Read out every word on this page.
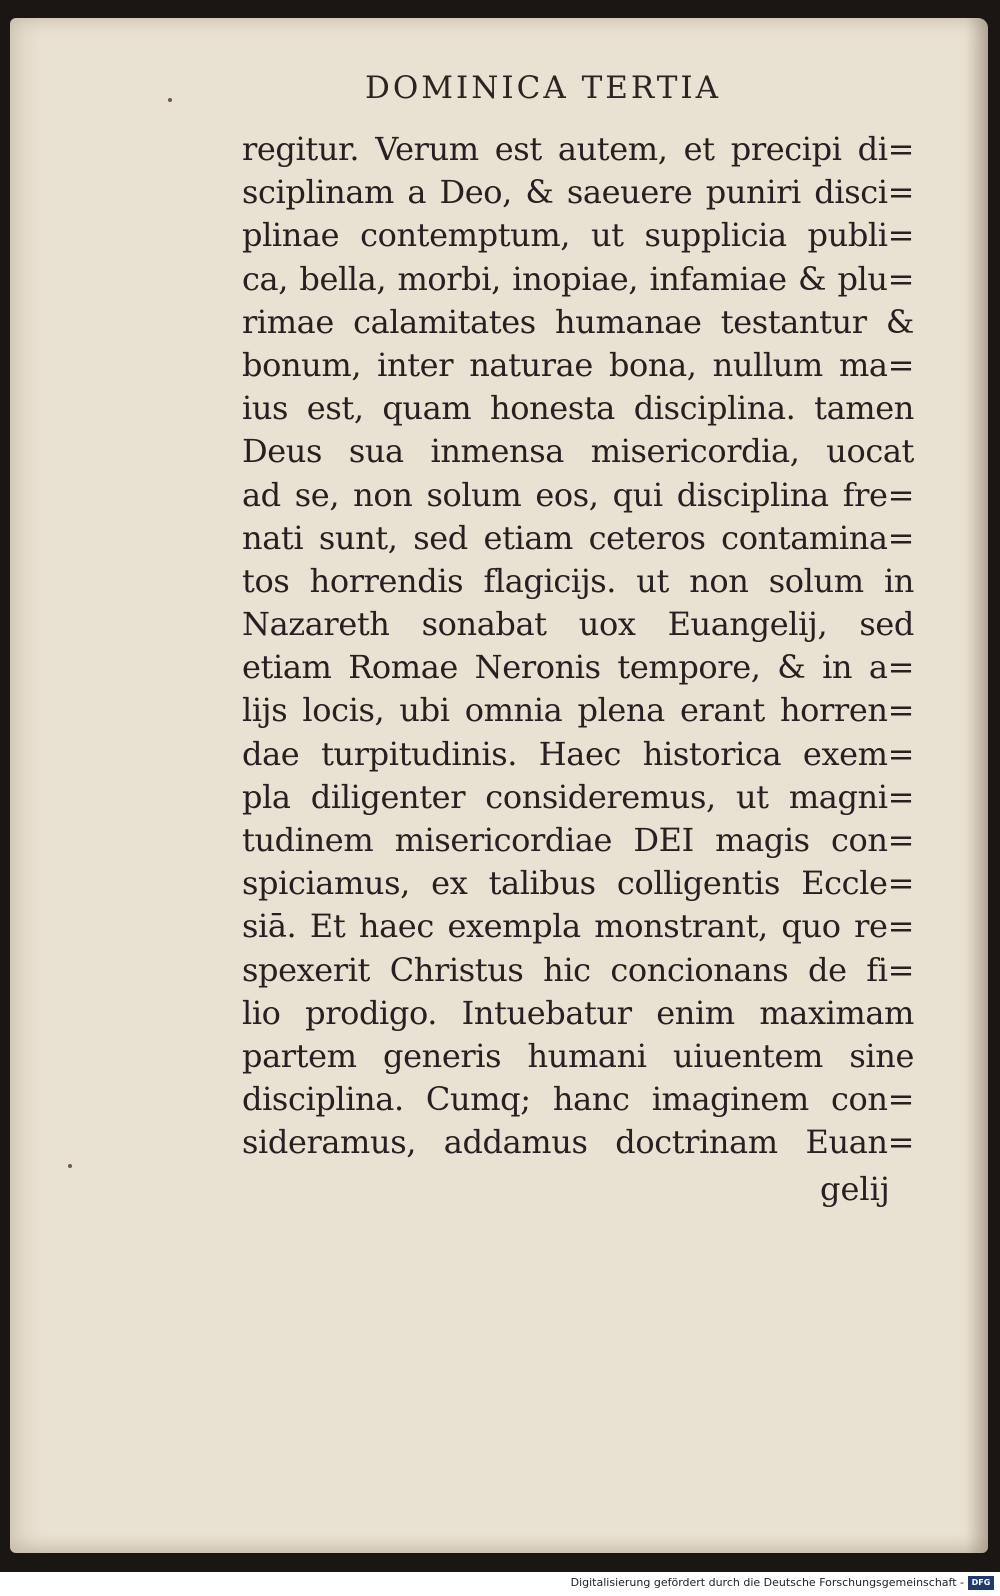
DOMINICA TERTIA
regitur. Verum est autem, et precipi di=
sciplinam a Deo, & saeuere puniri disci=
plinae contemptum, ut supplicia publi=
ca, bella, morbi, inopiae, infamiae & plu=
rimae calamitates humanae testantur &
bonum, inter naturae bona, nullum ma=
ius est, quam honesta disciplina. tamen
Deus sua inmensa misericordia, uocat
ad se, non solum eos, qui disciplina fre=
nati sunt, sed etiam ceteros contamina=
tos horrendis flagicijs. ut non solum in
Nazareth sonabat uox Euangelij, sed
etiam Romae Neronis tempore, & in a=
lijs locis, ubi omnia plena erant horren=
dae turpitudinis. Haec historica exem=
pla diligenter consideremus, ut magni=
tudinem misericordiae DEI magis con=
spiciamus, ex talibus colligentis Eccle=
siā. Et haec exempla monstrant, quo re=
spexerit Christus hic concionans de fi=
lio prodigo. Intuebatur enim maximam
partem generis humani uiuentem sine
disciplina. Cumq; hanc imaginem con=
sideramus, addamus doctrinam Euan=
gelij
Digitalisierung gefördert durch die Deutsche Forschungsgemeinschaft - DFG
